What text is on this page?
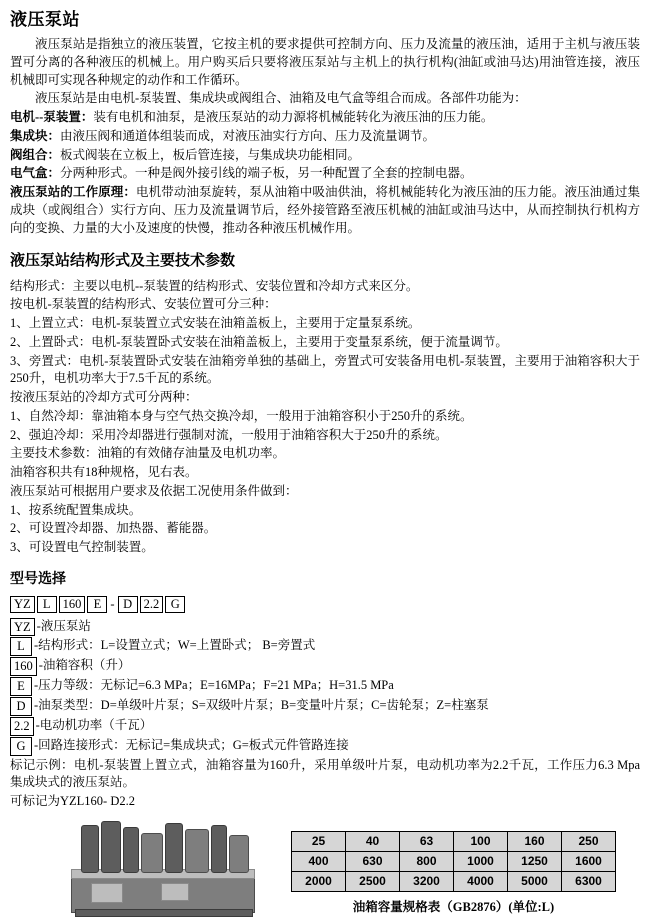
液压泵站

液压泵站是指独立的液压装置，它按主机的要求提供可控制方向、压力及流量的液压油，适用于主机与液压装置可分离的各种液压的机械上。用户购买后只要将液压泵站与主机上的执行机构(油缸或油马达)用油管连接，液压机械即可实现各种规定的动作和工作循环。

液压泵站是由电机-泵装置、集成块或阀组合、油箱及电气盒等组合而成。各部件功能为：

电机--泵装置：装有电机和油泵，是液压泵站的动力源将机械能转化为液压油的压力能。

集成块：由液压阀和通道体组装而成，对液压油实行方向、压力及流量调节。

阀组合：板式阀装在立板上，板后管连接，与集成块功能相同。

电气盒：分两种形式。一种是阀外接引线的端子板，另一种配置了全套的控制电器。

液压泵站的工作原理：电机带动油泵旋转，泵从油箱中吸油供油，将机械能转化为液压油的压力能。液压油通过集成块（或阀组合）实行方向、压力及流量调节后，经外接管路至液压机械的油缸或油马达中，从而控制执行机构方向的变换、力量的大小及速度的快慢，推动各种液压机械作用。

液压泵站结构形式及主要技术参数

结构形式：主要以电机--泵装置的结构形式、安装位置和冷却方式来区分。

按电机-泵装置的结构形式、安装位置可分三种：

1、上置立式：电机-泵装置立式安装在油箱盖板上，主要用于定量泵系统。

2、上置卧式：电机-泵装置卧式安装在油箱盖板上，主要用于变量泵系统，便于流量调节。

3、旁置式：电机-泵装置卧式安装在油箱旁单独的基础上，旁置式可安装备用电机-泵装置，主要用于油箱容积大于250升，电机功率大于7.5千瓦的系统。

按液压泵站的冷却方式可分两种：

1、自然冷却：靠油箱本身与空气热交换冷却，一般用于油箱容积小于250升的系统。

2、强迫冷却：采用冷却器进行强制对流，一般用于油箱容积大于250升的系统。

主要技术参数：油箱的有效储存油量及电机功率。

油箱容积共有18种规格，见右表。

液压泵站可根据用户要求及依据工况使用条件做到：

1、按系统配置集成块。

2、可设置冷却器、加热器、蓄能器。

3、可设置电气控制装置。

型号选择
YZ L 160 E - D 2.2 G
YZ -液压泵站
L -结构形式：L=设置立式；W=上置卧式； B=旁置式
160 -油箱容积（升）
E -压力等级：无标记=6.3 MPa；E=16MPa；F=21 MPa；H=31.5 MPa
D -油泵类型：D=单级叶片泵；S=双级叶片泵；B=变量叶片泵；C=齿轮泵；Z=柱塞泵
2.2 -电动机功率（千瓦）
G -回路连接形式：无标记=集成块式；G=板式元件管路连接

标记示例：电机-泵装置上置立式，油箱容量为160升，采用单级叶片泵，电动机功率为2.2千瓦，工作压力6.3 Mpa集成块式的液压泵站。

可标记为YZL160- D2.2

25	40	63	100	160	250
400	630	800	1000	1250	1600
2000	2500	3200	4000	5000	6300
油箱容量规格表（GB2876）(单位:L)
